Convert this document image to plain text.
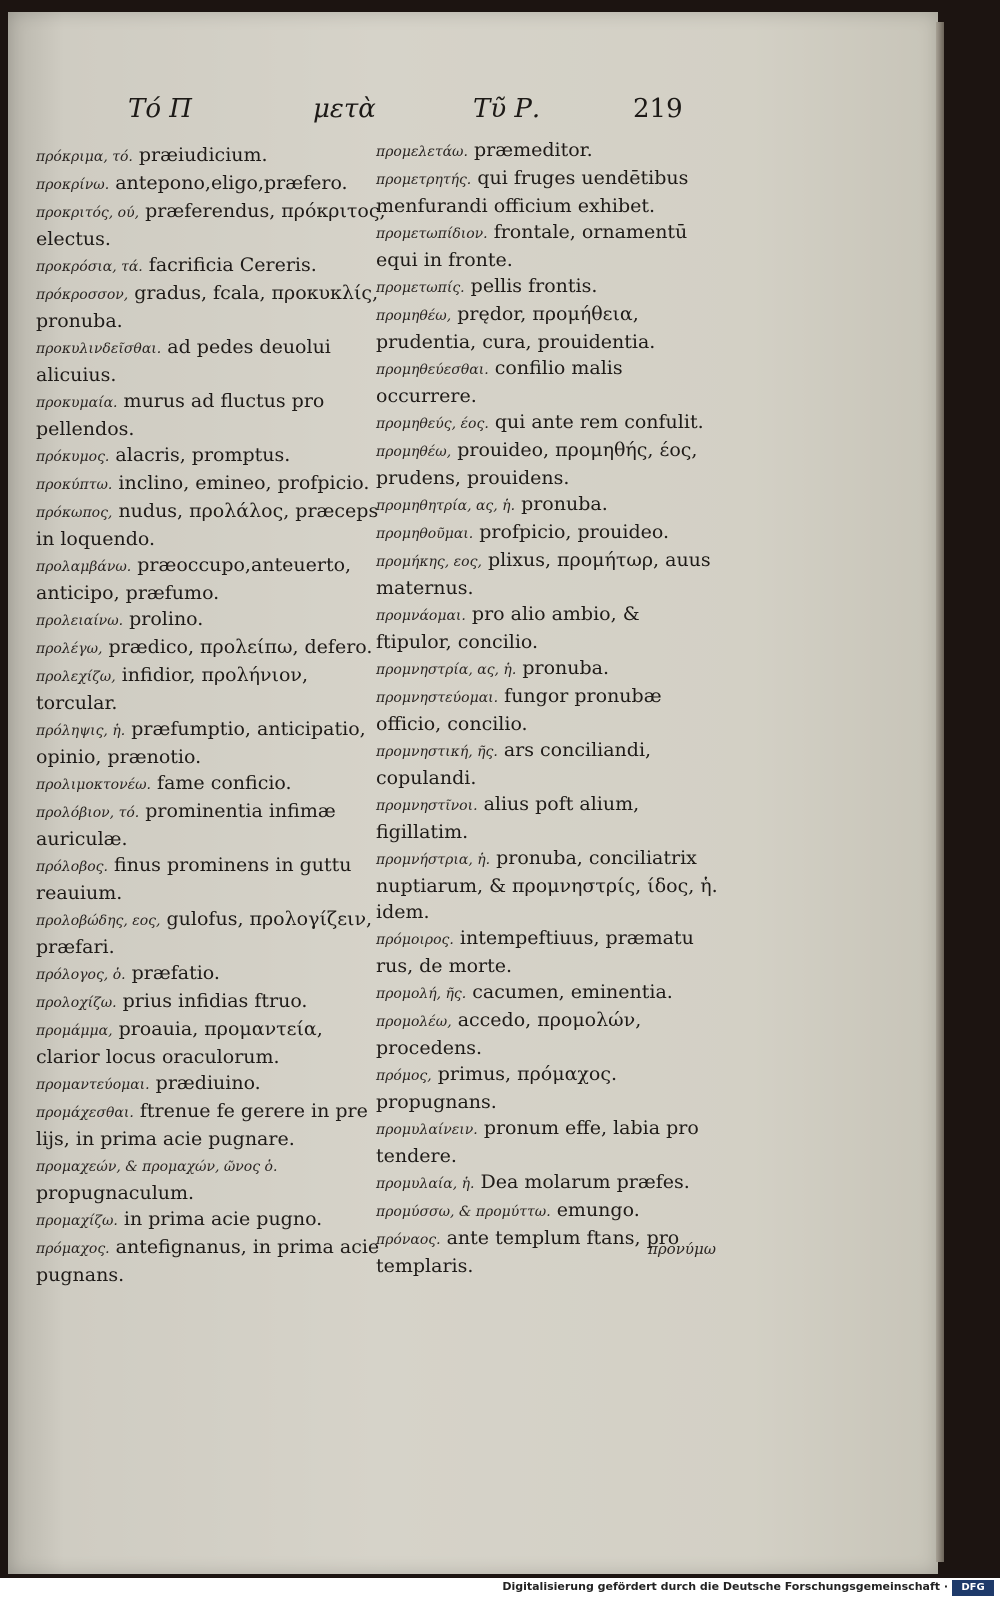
Τό Π	μετὰ	Τῦ Ρ.	219

πρόκριμα, τό. præiudicium.

προκρίνω. antepono,eligo,præfero.

προκριτός, ού, præferendus, πρόκριτος, electus.

προκρόσια, τά. facrificia Cereris.

πρόκροσσον, gradus, fcala, προκυκλίς, pronuba.

προκυλινδεῖσθαι. ad pedes deuolui alicuius.

προκυμαία. murus ad fluctus pro pellendos.

πρόκυμος. alacris, promptus.

προκύπτω. inclino, emineo, profpicio.

πρόκωπος, nudus, προλάλος, præceps in loquendo.

προλαμβάνω. præoccupo,anteuerto, anticipo, præfumo.

προλειαίνω. prolino.

προλέγω, prædico, προλείπω, defero.

προλεχίζω, infidior, προλήνιον, torcular.

πρόληψις, ἡ. præfumptio, anticipatio, opinio, prænotio.

προλιμοκτονέω. fame conficio.

προλόβιον, τό. prominentia infimæ auriculæ.

πρόλοβος. finus prominens in guttu reauium.

προλοβώδης, εος, gulofus, προλογίζειν, præfari.

πρόλογος, ὁ. præfatio.

προλοχίζω. prius infidias ftruo.

προμάμμα, proauia, προμαντεία, clarior locus oraculorum.

προμαντεύομαι. prædiuino.

προμάχεσθαι. ftrenue fe gerere in pre lijs, in prima acie pugnare.

προμαχεών, & προμαχών, ῶνος ὁ. propugnaculum.

προμαχίζω. in prima acie pugno.

πρόμαχος. antefignanus, in prima acie pugnans.

προμελετάω. præmeditor.

προμετρητής. qui fruges uendētibus menfurandi officium exhibet.

προμετωπίδιον. frontale, ornamentū equi in fronte.

προμετωπίς. pellis frontis.

προμηθέω, prędor, προμήθεια, prudentia, cura, prouidentia.

προμηθεύεσθαι. confilio malis occurrere.

προμηθεύς, έος. qui ante rem confulit.

προμηθέω, prouideo, προμηθής, έος, prudens, prouidens.

προμηθητρία, ας, ἡ. pronuba.

προμηθοῦμαι. profpicio, prouideo.

προμήκης, εος, plixus, προμήτωρ, auus maternus.

προμνάομαι. pro alio ambio, & ftipulor, concilio.

προμνηστρία, ας, ἡ. pronuba.

προμνηστεύομαι. fungor pronubæ officio, concilio.

προμνηστική, ῆς. ars conciliandi, copulandi.

προμνηστῖνοι. alius poft alium, figillatim.

προμνήστρια, ἡ. pronuba, conciliatrix nuptiarum, & προμνηστρίς, ίδος, ἡ. idem.

πρόμοιρος. intempeftiuus, præmatu rus, de morte.

προμολή, ῆς. cacumen, eminentia.

προμολέω, accedo, προμολών, procedens.

πρόμος, primus, πρόμαχος. propugnans.

προμυλαίνειν. pronum effe, labia pro tendere.

προμυλαία, ἡ. Dea molarum præfes.

προμύσσω, & προμύττω. emungo.

πρόναος. ante templum ftans, pro templaris.

προνύμω
Digitalisierung gefördert durch die Deutsche Forschungsgemeinschaft ·	DFG
